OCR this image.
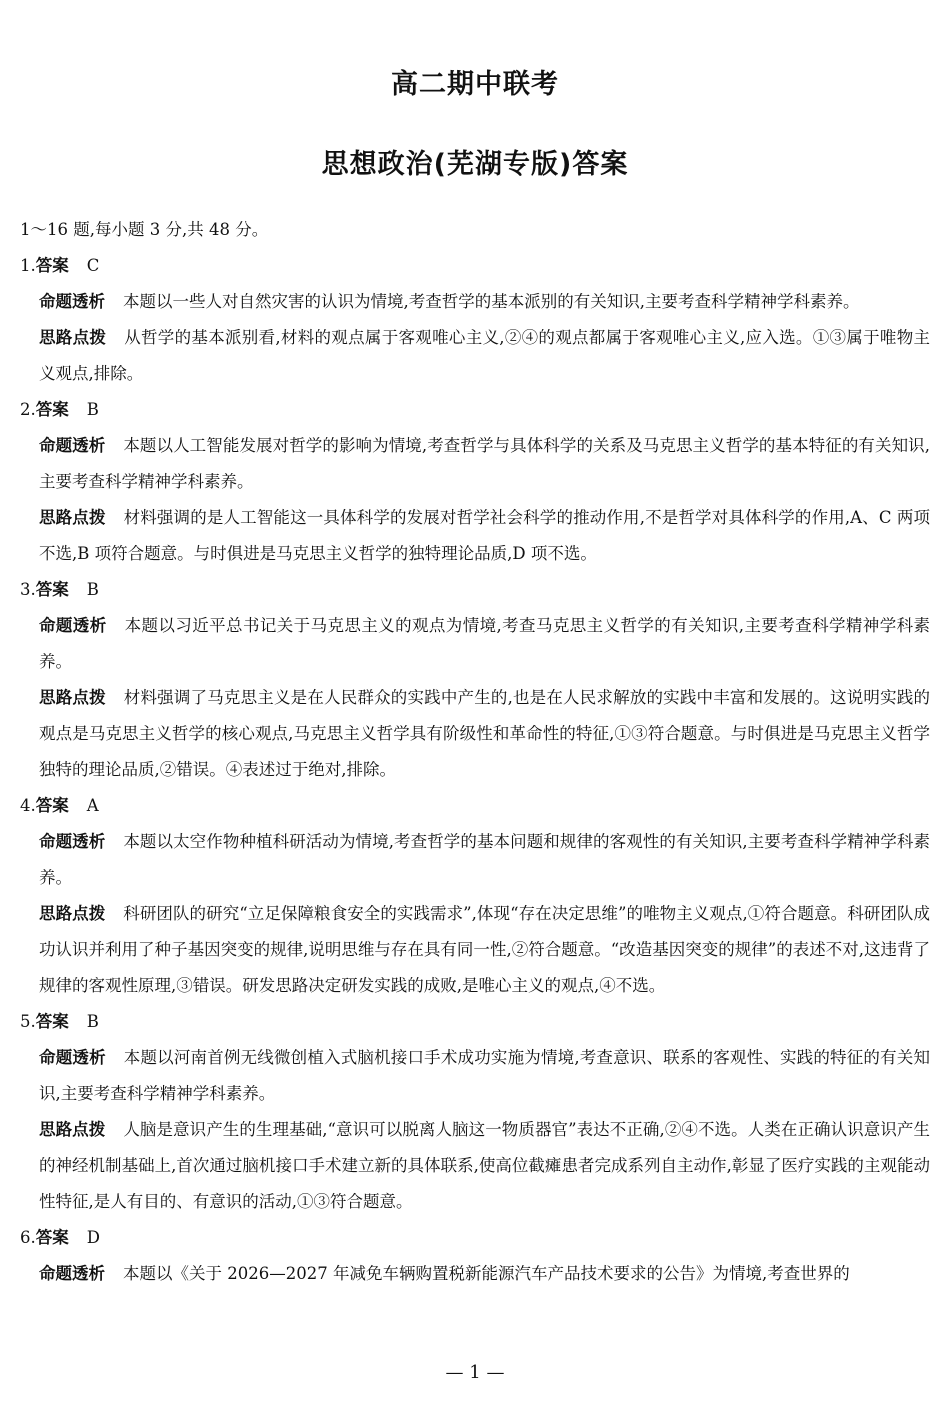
高二期中联考
思想政治(芜湖专版)答案

1～16 题,每小题 3 分,共 48 分。

1.答案 C

命题透析 本题以一些人对自然灾害的认识为情境,考查哲学的基本派别的有关知识,主要考查科学精神学科素养。

思路点拨 从哲学的基本派别看,材料的观点属于客观唯心主义,②④的观点都属于客观唯心主义,应入选。①③属于唯物主义观点,排除。

2.答案 B

命题透析 本题以人工智能发展对哲学的影响为情境,考查哲学与具体科学的关系及马克思主义哲学的基本特征的有关知识,主要考查科学精神学科素养。

思路点拨 材料强调的是人工智能这一具体科学的发展对哲学社会科学的推动作用,不是哲学对具体科学的作用,A、C 两项不选,B 项符合题意。与时俱进是马克思主义哲学的独特理论品质,D 项不选。

3.答案 B

命题透析 本题以习近平总书记关于马克思主义的观点为情境,考查马克思主义哲学的有关知识,主要考查科学精神学科素养。

思路点拨 材料强调了马克思主义是在人民群众的实践中产生的,也是在人民求解放的实践中丰富和发展的。这说明实践的观点是马克思主义哲学的核心观点,马克思主义哲学具有阶级性和革命性的特征,①③符合题意。与时俱进是马克思主义哲学独特的理论品质,②错误。④表述过于绝对,排除。

4.答案 A

命题透析 本题以太空作物种植科研活动为情境,考查哲学的基本问题和规律的客观性的有关知识,主要考查科学精神学科素养。

思路点拨 科研团队的研究“立足保障粮食安全的实践需求”,体现“存在决定思维”的唯物主义观点,①符合题意。科研团队成功认识并利用了种子基因突变的规律,说明思维与存在具有同一性,②符合题意。“改造基因突变的规律”的表述不对,这违背了规律的客观性原理,③错误。研发思路决定研发实践的成败,是唯心主义的观点,④不选。

5.答案 B

命题透析 本题以河南首例无线微创植入式脑机接口手术成功实施为情境,考查意识、联系的客观性、实践的特征的有关知识,主要考查科学精神学科素养。

思路点拨 人脑是意识产生的生理基础,“意识可以脱离人脑这一物质器官”表达不正确,②④不选。人类在正确认识意识产生的神经机制基础上,首次通过脑机接口手术建立新的具体联系,使高位截瘫患者完成系列自主动作,彰显了医疗实践的主观能动性特征,是人有目的、有意识的活动,①③符合题意。

6.答案 D

命题透析 本题以《关于 2026—2027 年减免车辆购置税新能源汽车产品技术要求的公告》为情境,考查世界的

— 1 —
